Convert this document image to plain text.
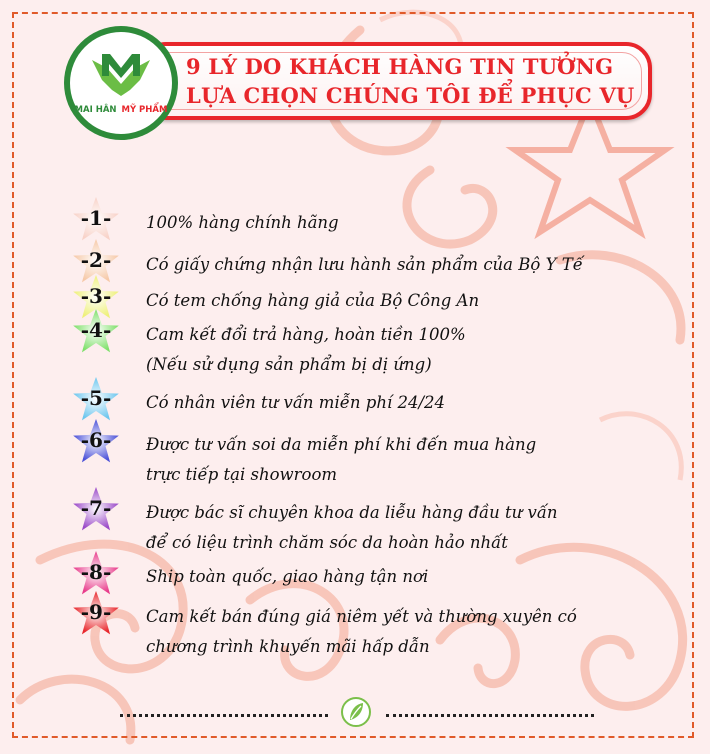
9 LÝ DO KHÁCH HÀNG TIN TƯỞNG
LỰA CHỌN CHÚNG TÔI ĐỂ PHỤC VỤ
MAI HÂN MỸ PHẨM
-1-	100% hàng chính hãng
-2-	Có giấy chứng nhận lưu hành sản phẩm của Bộ Y Tế
-3-	Có tem chống hàng giả của Bộ Công An
-4-	Cam kết đổi trả hàng, hoàn tiền 100%
(Nếu sử dụng sản phẩm bị dị ứng)
-5-	Có nhân viên tư vấn miễn phí 24/24
-6-	Được tư vấn soi da miễn phí khi đến mua hàng
trực tiếp tại showroom
-7-	Được bác sĩ chuyên khoa da liễu hàng đầu tư vấn
để có liệu trình chăm sóc da hoàn hảo nhất
-8-	Ship toàn quốc, giao hàng tận nơi
-9-	Cam kết bán đúng giá niêm yết và thường xuyên có
chương trình khuyến mãi hấp dẫn
